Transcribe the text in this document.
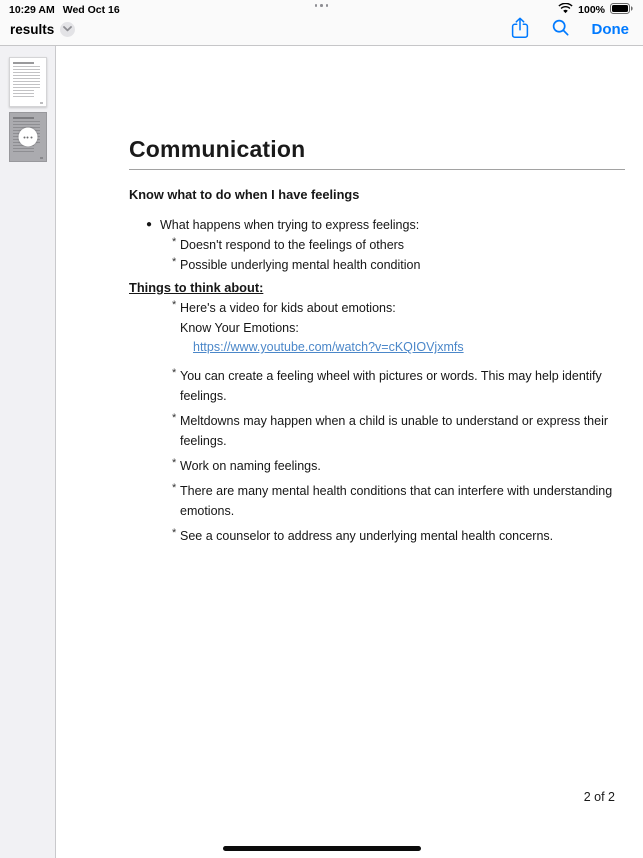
10:29 AM Wed Oct 16	100%
results	Done
Communication
Know what to do when I have feelings
● What happens when trying to express feelings:
* Doesn't respond to the feelings of others
* Possible underlying mental health condition
Things to think about:
* Here's a video for kids about emotions:
Know Your Emotions:
https://www.youtube.com/watch?v=cKQIOVjxmfs
* You can create a feeling wheel with pictures or words. This may help identify feelings.
* Meltdowns may happen when a child is unable to understand or express their feelings.
* Work on naming feelings.
* There are many mental health conditions that can interfere with understanding emotions.
* See a counselor to address any underlying mental health concerns.
2 of 2
